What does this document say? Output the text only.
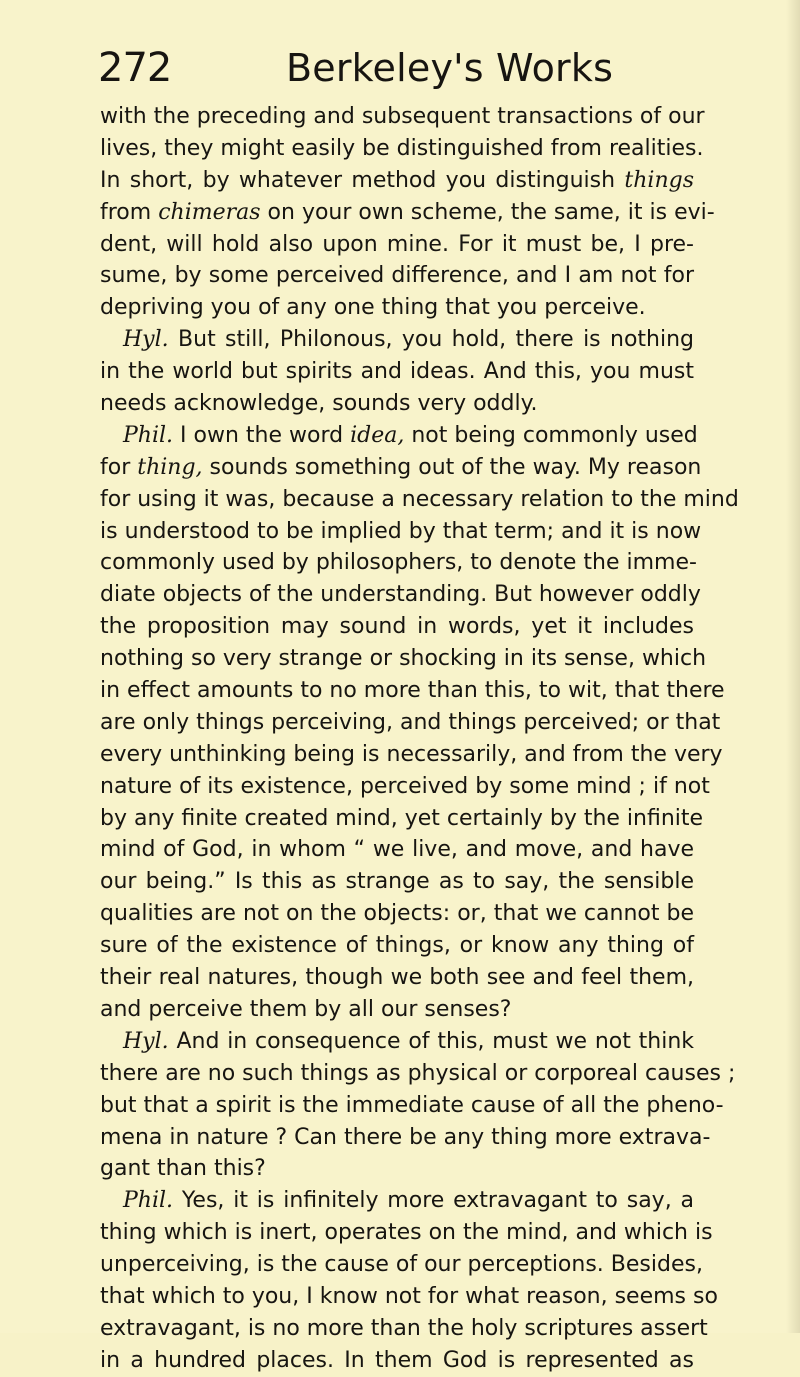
272	Berkeley's Works
with the preceding and subsequent transactions of our
lives, they might easily be distinguished from realities.
In short, by whatever method you distinguish things
from chimeras on your own scheme, the same, it is evi-
dent, will hold also upon mine. For it must be, I pre-
sume, by some perceived difference, and I am not for
depriving you of any one thing that you perceive.
Hyl. But still, Philonous, you hold, there is nothing
in the world but spirits and ideas. And this, you must
needs acknowledge, sounds very oddly.
Phil. I own the word idea, not being commonly used
for thing, sounds something out of the way. My reason
for using it was, because a necessary relation to the mind
is understood to be implied by that term; and it is now
commonly used by philosophers, to denote the imme-
diate objects of the understanding. But however oddly
the proposition may sound in words, yet it includes
nothing so very strange or shocking in its sense, which
in effect amounts to no more than this, to wit, that there
are only things perceiving, and things perceived; or that
every unthinking being is necessarily, and from the very
nature of its existence, perceived by some mind ; if not
by any finite created mind, yet certainly by the infinite
mind of God, in whom “ we live, and move, and have
our being.” Is this as strange as to say, the sensible
qualities are not on the objects: or, that we cannot be
sure of the existence of things, or know any thing of
their real natures, though we both see and feel them,
and perceive them by all our senses?
Hyl. And in consequence of this, must we not think
there are no such things as physical or corporeal causes ;
but that a spirit is the immediate cause of all the pheno-
mena in nature ? Can there be any thing more extrava-
gant than this?
Phil. Yes, it is infinitely more extravagant to say, a
thing which is inert, operates on the mind, and which is
unperceiving, is the cause of our perceptions. Besides,
that which to you, I know not for what reason, seems so
extravagant, is no more than the holy scriptures assert
in a hundred places. In them God is represented as
